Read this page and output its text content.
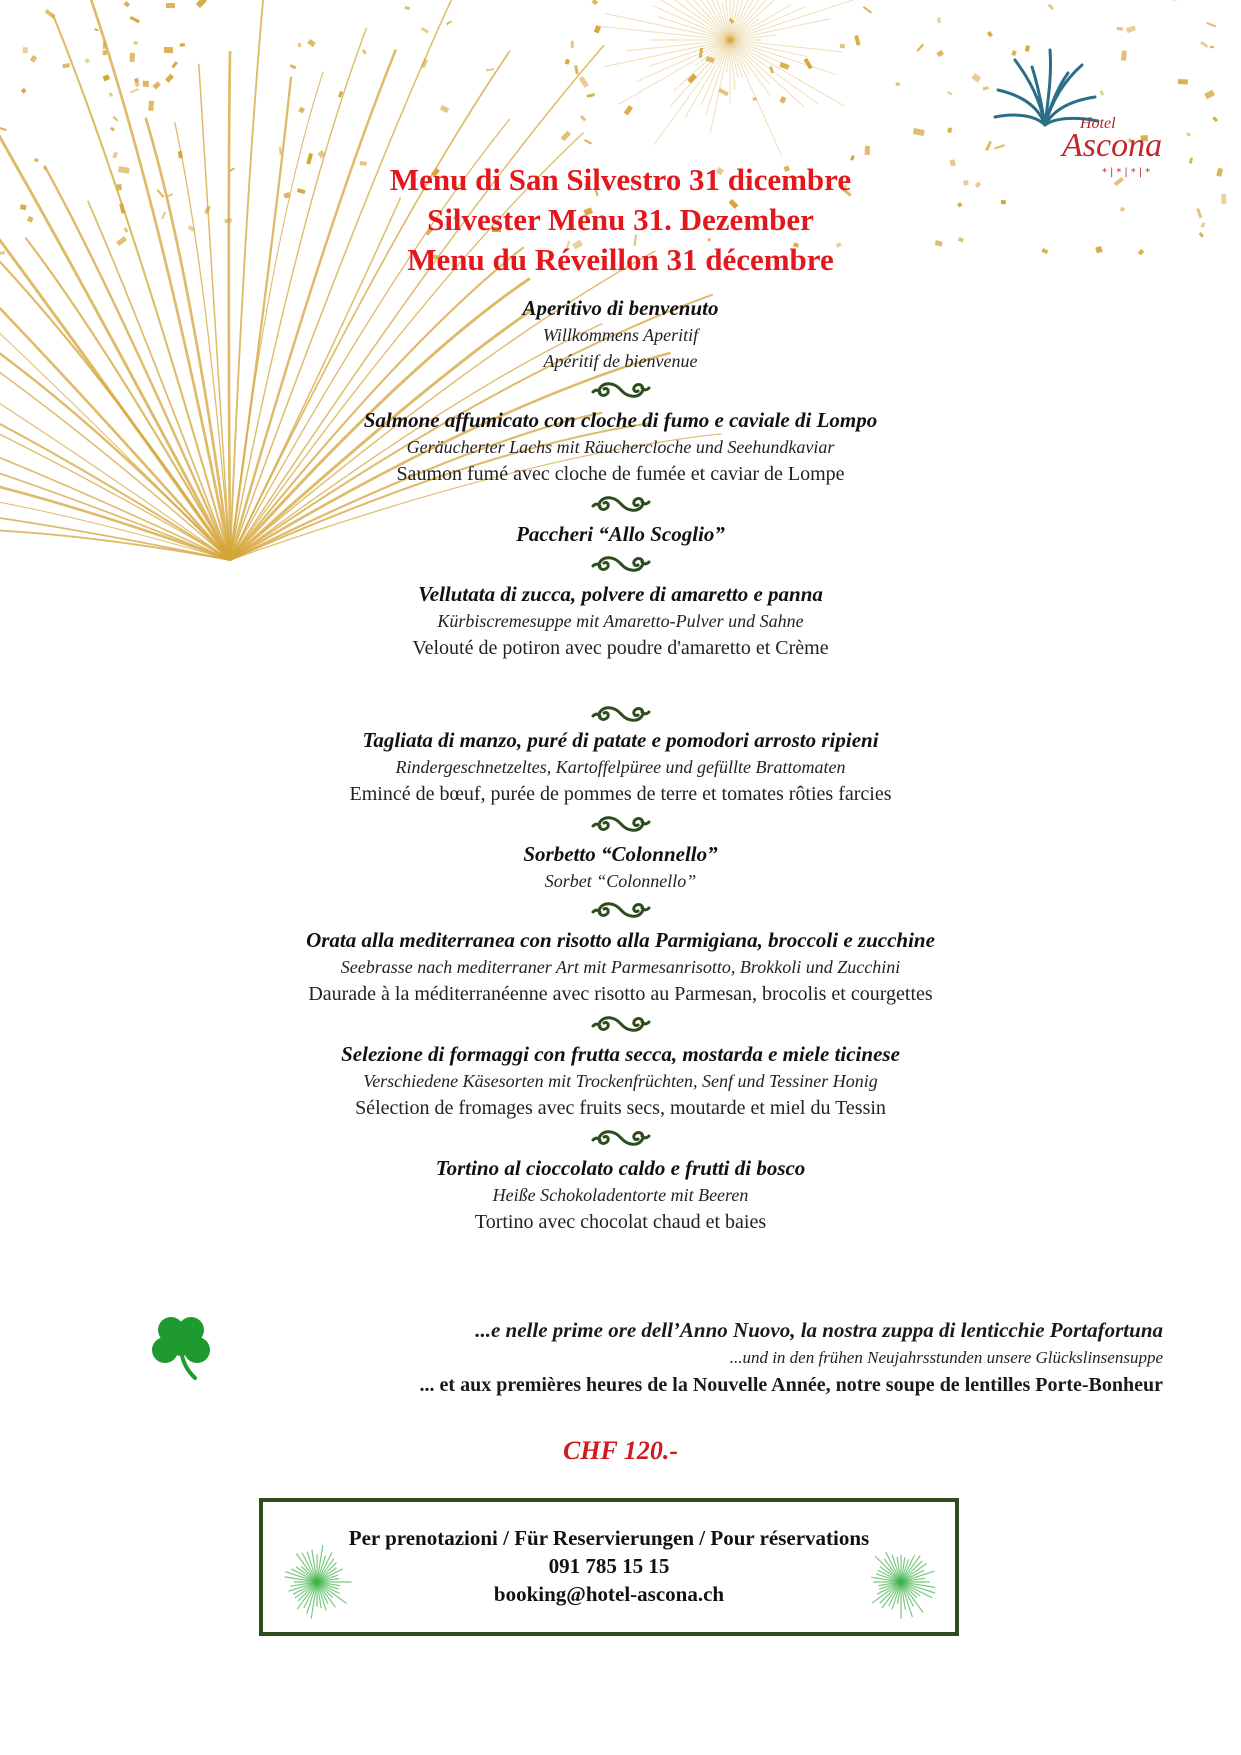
Hotel
Ascona
*|*|*|*
Menu di San Silvestro 31 dicembre
Silvester Menu 31. Dezember
Menu du Réveillon 31 décembre
Aperitivo di benvenuto
Willkommens Aperitif
Apéritif de bienvenue
Salmone affumicato con cloche di fumo e caviale di Lompo
Geräucherter Lachs mit Räuchercloche und Seehundkaviar
Saumon fumé avec cloche de fumée et caviar de Lompe
Paccheri “Allo Scoglio”
Vellutata di zucca, polvere di amaretto e panna
Kürbiscremesuppe mit Amaretto-Pulver und Sahne
Velouté de potiron avec poudre d'amaretto et Crème
Tagliata di manzo, puré di patate e pomodori arrosto ripieni
Rindergeschnetzeltes, Kartoffelpüree und gefüllte Brattomaten
Emincé de bœuf, purée de pommes de terre et tomates rôties farcies
Sorbetto “Colonnello”
Sorbet “Colonnello”
Orata alla mediterranea con risotto alla Parmigiana, broccoli e zucchine
Seebrasse nach mediterraner Art mit Parmesanrisotto, Brokkoli und Zucchini
Daurade à la méditerranéenne avec risotto au Parmesan, brocolis et courgettes
Selezione di formaggi con frutta secca, mostarda e miele ticinese
Verschiedene Käsesorten mit Trockenfrüchten, Senf und Tessiner Honig
Sélection de fromages avec fruits secs, moutarde et miel du Tessin
Tortino al cioccolato caldo e frutti di bosco
Heiße Schokoladentorte mit Beeren
Tortino avec chocolat chaud et baies
...e nelle prime ore dell’Anno Nuovo, la nostra zuppa di lenticchie Portafortuna
...und in den frühen Neujahrsstunden unsere Glückslinsensuppe
... et aux premières heures de la Nouvelle Année, notre soupe de lentilles Porte-Bonheur
CHF 120.-
Per prenotazioni / Für Reservierungen / Pour réservations
091 785 15 15
booking@hotel-ascona.ch
